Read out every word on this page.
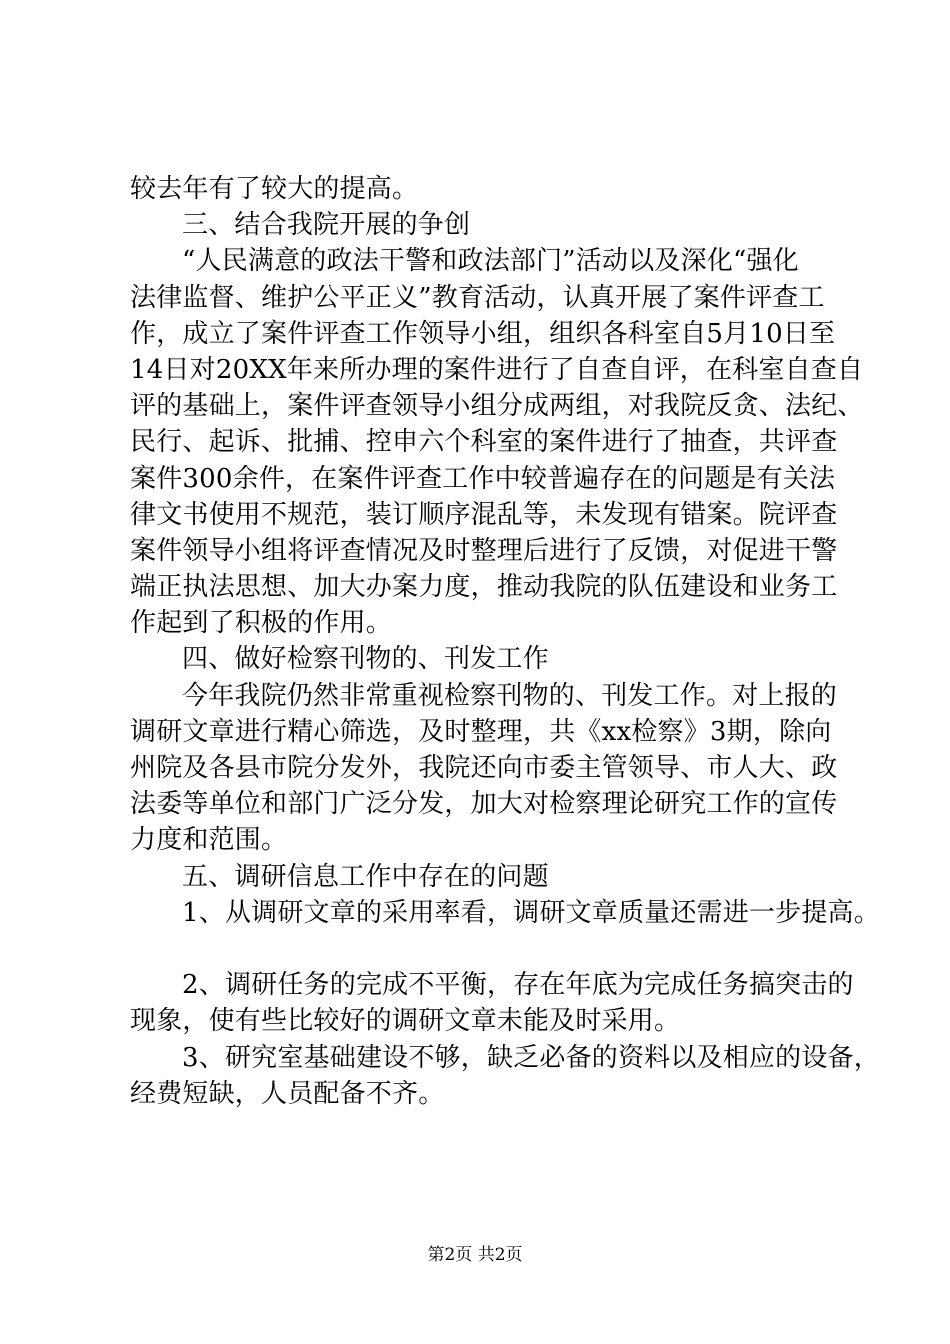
较去年有了较大的提高。
三、结合我院开展的争创
“人民满意的政法干警和政法部门”活动以及深化“强化
法律监督、维护公平正义”教育活动，认真开展了案件评查工
作，成立了案件评查工作领导小组，组织各科室自5月10日至
14日对20XX年来所办理的案件进行了自查自评，在科室自查自
评的基础上，案件评查领导小组分成两组，对我院反贪、法纪、
民行、起诉、批捕、控申六个科室的案件进行了抽查，共评查
案件300余件，在案件评查工作中较普遍存在的问题是有关法
律文书使用不规范，装订顺序混乱等，未发现有错案。院评查
案件领导小组将评查情况及时整理后进行了反馈，对促进干警
端正执法思想、加大办案力度，推动我院的队伍建设和业务工
作起到了积极的作用。
四、做好检察刊物的、刊发工作
今年我院仍然非常重视检察刊物的、刊发工作。对上报的
调研文章进行精心筛选，及时整理，共《xx检察》3期，除向
州院及各县市院分发外，我院还向市委主管领导、市人大、政
法委等单位和部门广泛分发，加大对检察理论研究工作的宣传
力度和范围。
五、调研信息工作中存在的问题
1、从调研文章的采用率看，调研文章质量还需进一步提高。
2、调研任务的完成不平衡，存在年底为完成任务搞突击的
现象，使有些比较好的调研文章未能及时采用。
3、研究室基础建设不够，缺乏必备的资料以及相应的设备，
经费短缺，人员配备不齐。
第2页 共2页
